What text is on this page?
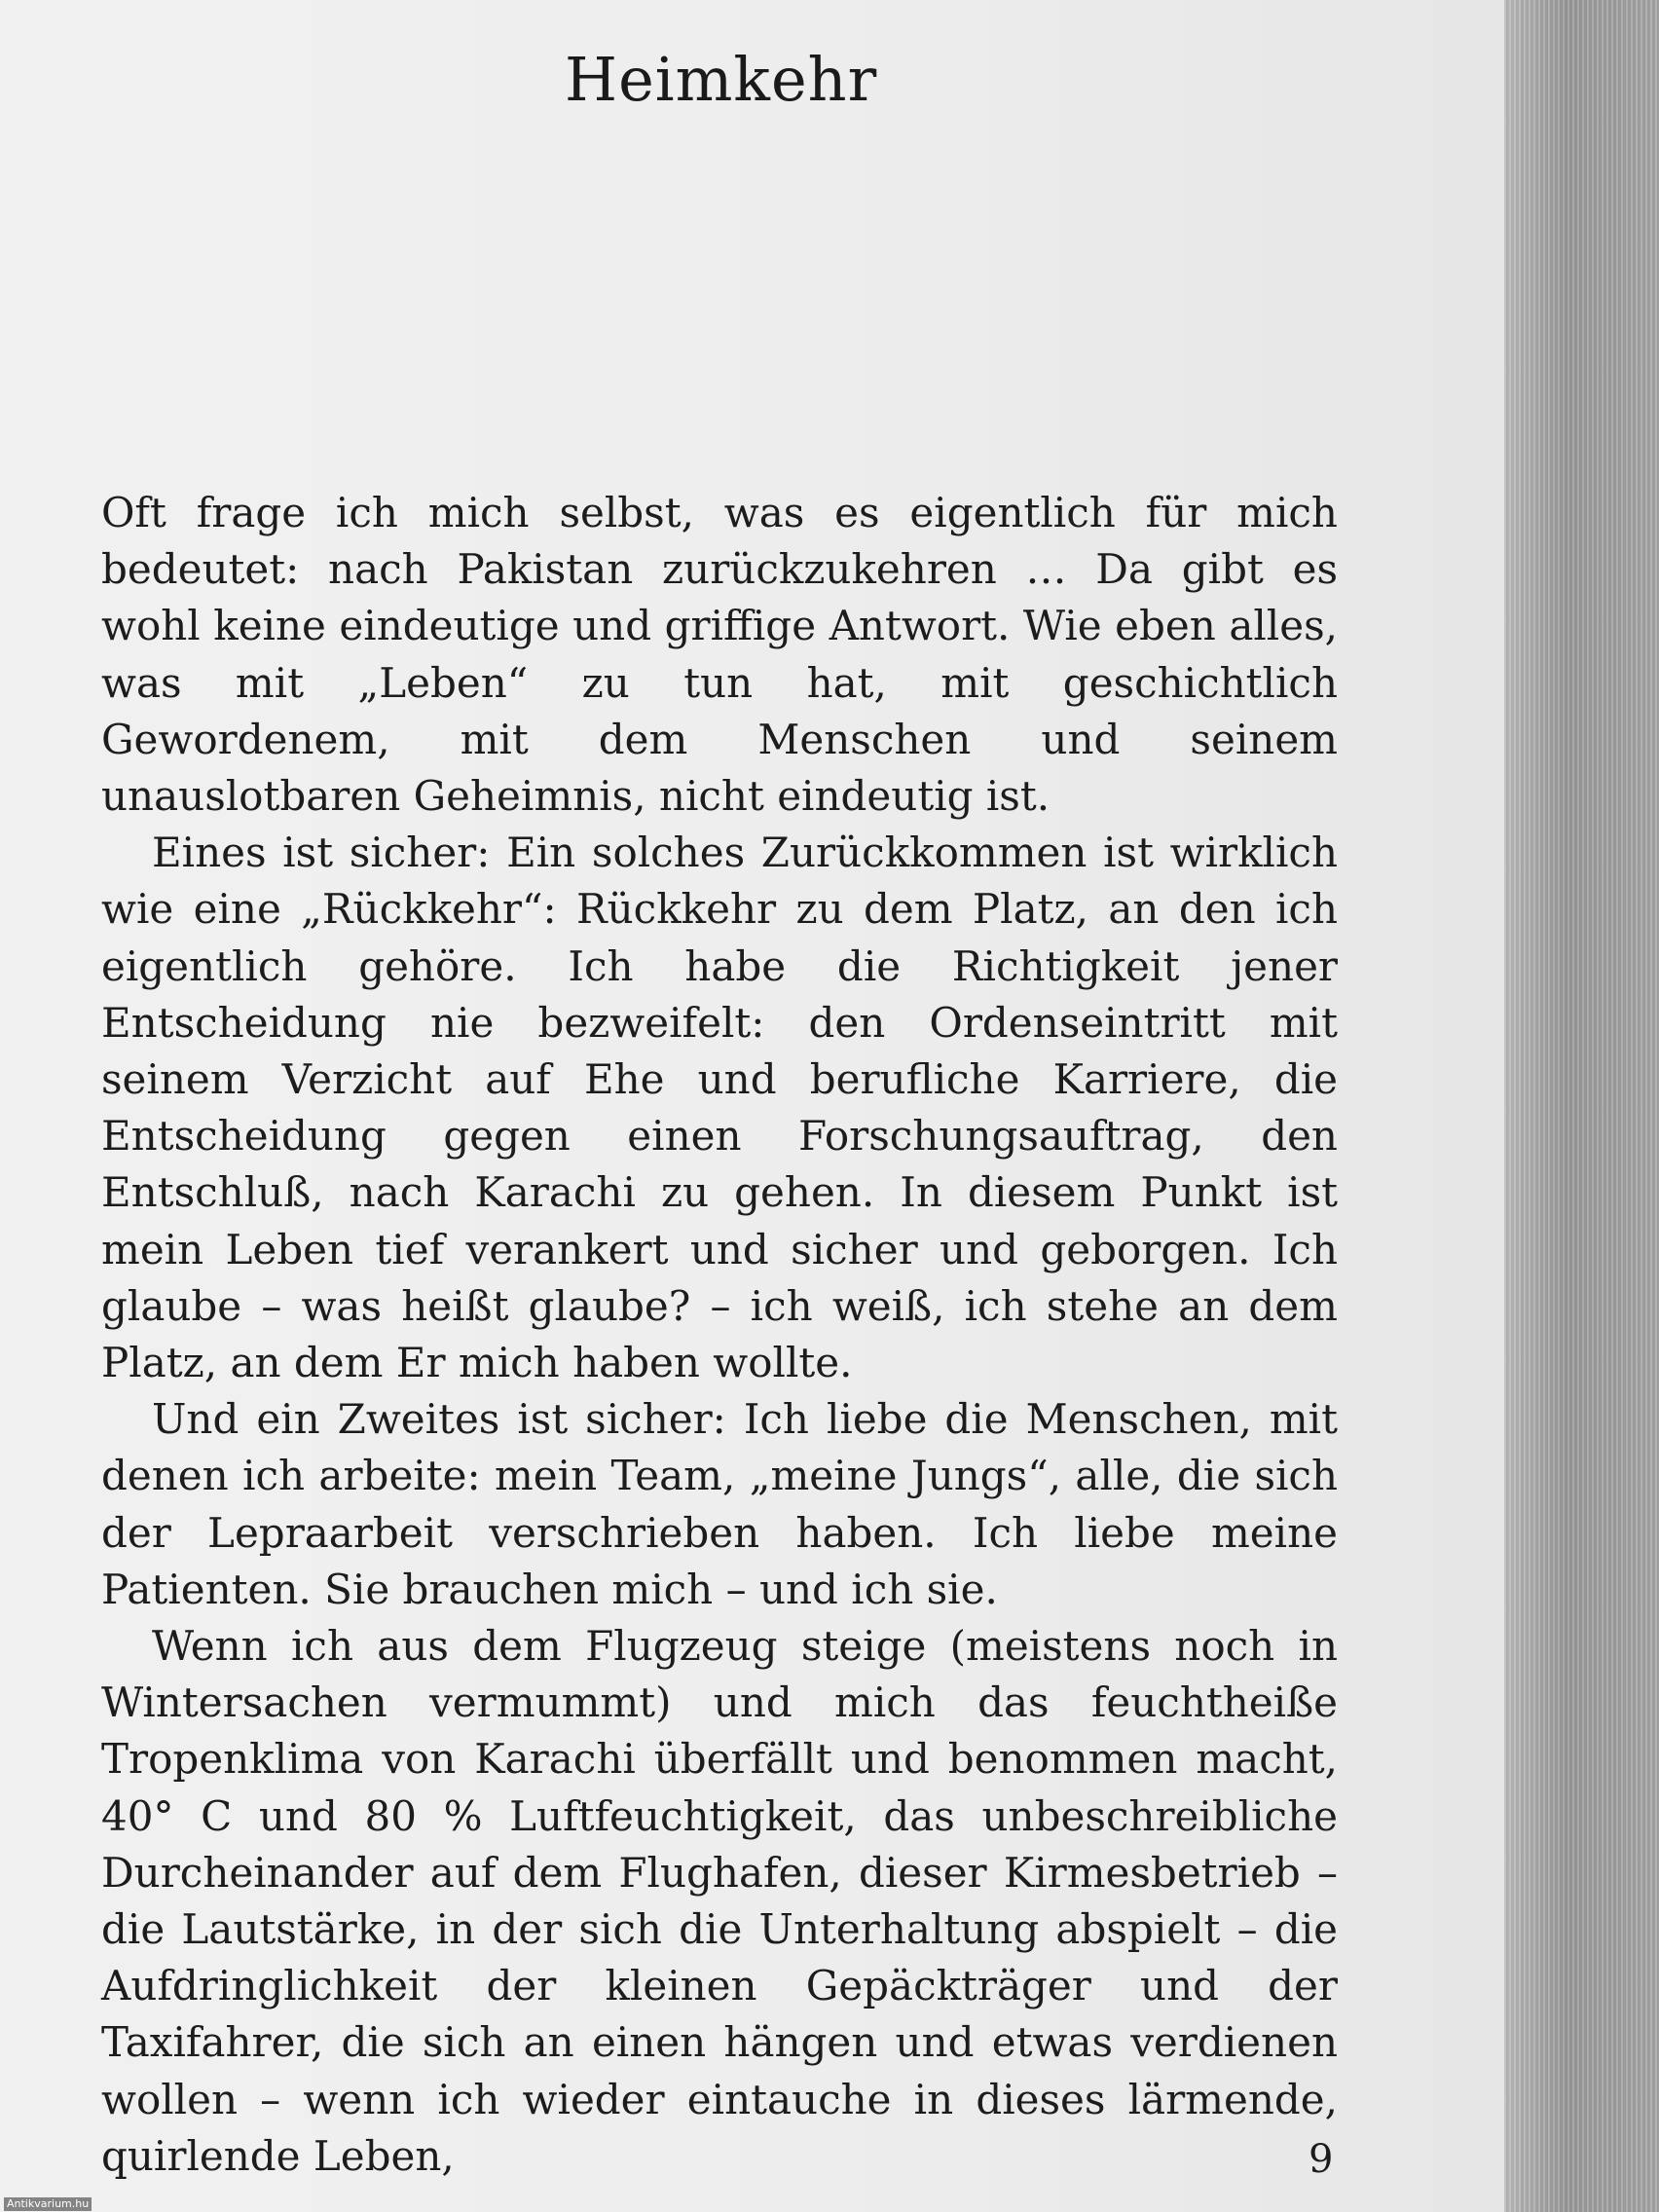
Heimkehr

Oft frage ich mich selbst, was es eigentlich für mich bedeutet: nach Pakistan zurückzukehren … Da gibt es wohl keine eindeutige und griffige Antwort. Wie eben alles, was mit „Leben“ zu tun hat, mit geschichtlich Gewordenem, mit dem Menschen und seinem unauslotbaren Geheimnis, nicht eindeutig ist.

Eines ist sicher: Ein solches Zurückkommen ist wirklich wie eine „Rückkehr“: Rückkehr zu dem Platz, an den ich eigentlich gehöre. Ich habe die Richtigkeit jener Entscheidung nie bezweifelt: den Ordenseintritt mit seinem Verzicht auf Ehe und berufliche Karriere, die Entscheidung gegen einen Forschungsauftrag, den Entschluß, nach Karachi zu gehen. In diesem Punkt ist mein Leben tief verankert und sicher und geborgen. Ich glaube – was heißt glaube? – ich weiß, ich stehe an dem Platz, an dem Er mich haben wollte.

Und ein Zweites ist sicher: Ich liebe die Menschen, mit denen ich arbeite: mein Team, „meine Jungs“, alle, die sich der Lepraarbeit verschrieben haben. Ich liebe meine Patienten. Sie brauchen mich – und ich sie.

Wenn ich aus dem Flugzeug steige (meistens noch in Wintersachen vermummt) und mich das feuchtheiße Tropenklima von Karachi überfällt und benommen macht, 40° C und 80 % Luftfeuchtigkeit, das unbeschreibliche Durcheinander auf dem Flughafen, dieser Kirmesbetrieb – die Lautstärke, in der sich die Unterhaltung abspielt – die Aufdringlichkeit der kleinen Gepäckträger und der Taxifahrer, die sich an einen hängen und etwas verdienen wollen – wenn ich wieder eintauche in dieses lärmende, quirlende Leben,	9
Antikvarium.hu
